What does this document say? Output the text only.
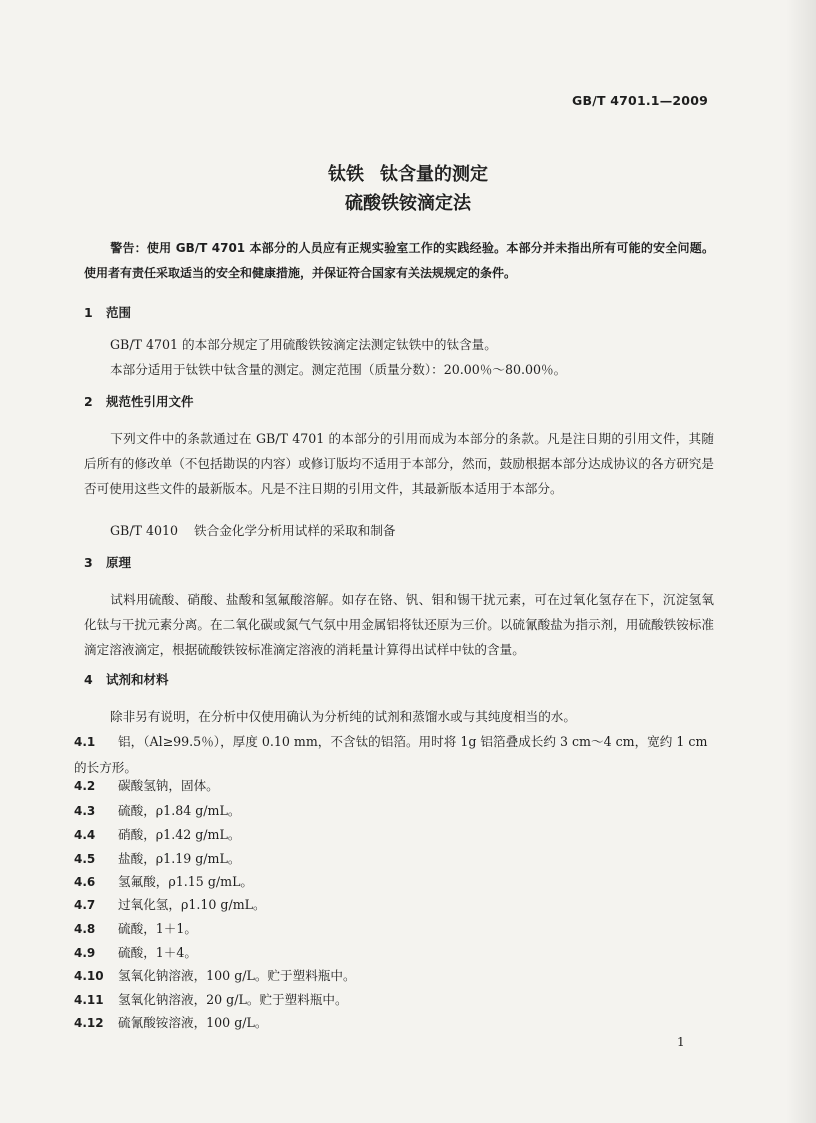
GB/T 4701.1—2009
钛铁 钛含量的测定
硫酸铁铵滴定法
警告：使用 GB/T 4701 本部分的人员应有正规实验室工作的实践经验。本部分并未指出所有可能的安全问题。使用者有责任采取适当的安全和健康措施，并保证符合国家有关法规规定的条件。
1 范围
GB/T 4701 的本部分规定了用硫酸铁铵滴定法测定钛铁中的钛含量。
本部分适用于钛铁中钛含量的测定。测定范围（质量分数）：20.00％～80.00％。
2 规范性引用文件
下列文件中的条款通过在 GB/T 4701 的本部分的引用而成为本部分的条款。凡是注日期的引用文件，其随后所有的修改单（不包括勘误的内容）或修订版均不适用于本部分，然而，鼓励根据本部分达成协议的各方研究是否可使用这些文件的最新版本。凡是不注日期的引用文件，其最新版本适用于本部分。
GB/T 4010 铁合金化学分析用试样的采取和制备
3 原理
试料用硫酸、硝酸、盐酸和氢氟酸溶解。如存在铬、钒、钼和锡干扰元素，可在过氧化氢存在下，沉淀氢氧化钛与干扰元素分离。在二氧化碳或氮气气氛中用金属铝将钛还原为三价。以硫氰酸盐为指示剂，用硫酸铁铵标准滴定溶液滴定，根据硫酸铁铵标准滴定溶液的消耗量计算得出试样中钛的含量。
4 试剂和材料
除非另有说明，在分析中仅使用确认为分析纯的试剂和蒸馏水或与其纯度相当的水。
4.1 铝，（Al≥99.5％），厚度 0.10 mm，不含钛的铝箔。用时将 1g 铝箔叠成长约 3 cm～4 cm，宽约 1 cm 的长方形。
4.2 碳酸氢钠，固体。
4.3 硫酸，ρ1.84 g/mL。
4.4 硝酸，ρ1.42 g/mL。
4.5 盐酸，ρ1.19 g/mL。
4.6 氢氟酸，ρ1.15 g/mL。
4.7 过氧化氢，ρ1.10 g/mL。
4.8 硫酸，1＋1。
4.9 硫酸，1＋4。
4.10 氢氧化钠溶液，100 g/L。贮于塑料瓶中。
4.11 氢氧化钠溶液，20 g/L。贮于塑料瓶中。
4.12 硫氰酸铵溶液，100 g/L。
1
